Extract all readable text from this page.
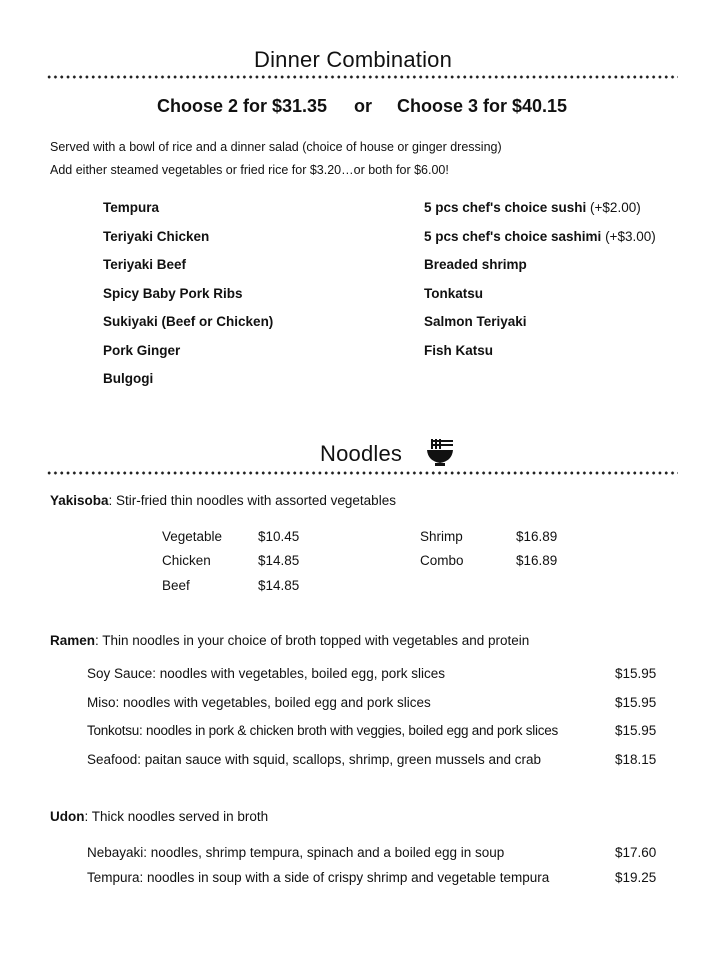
Dinner Combination
Choose 2 for $31.35 or Choose 3 for $40.15
Served with a bowl of rice and a dinner salad (choice of house or ginger dressing)
Add either steamed vegetables or fried rice for $3.20…or both for $6.00!
Tempura
Teriyaki Chicken
Teriyaki Beef
Spicy Baby Pork Ribs
Sukiyaki (Beef or Chicken)
Pork Ginger
Bulgogi
5 pcs chef's choice sushi (+$2.00)
5 pcs chef's choice sashimi (+$3.00)
Breaded shrimp
Tonkatsu
Salmon Teriyaki
Fish Katsu
Noodles
Yakisoba: Stir-fried thin noodles with assorted vegetables
Vegetable	$10.45
Chicken	$14.85
Beef	$14.85
Shrimp	$16.89
Combo	$16.89
Ramen: Thin noodles in your choice of broth topped with vegetables and protein
Soy Sauce: noodles with vegetables, boiled egg, pork slices	$15.95
Miso: noodles with vegetables, boiled egg and pork slices	$15.95
Tonkotsu: noodles in pork & chicken broth with veggies, boiled egg and pork slices	$15.95
Seafood: paitan sauce with squid, scallops, shrimp, green mussels and crab	$18.15
Udon: Thick noodles served in broth
Nebayaki: noodles, shrimp tempura, spinach and a boiled egg in soup	$17.60
Tempura: noodles in soup with a side of crispy shrimp and vegetable tempura	$19.25
